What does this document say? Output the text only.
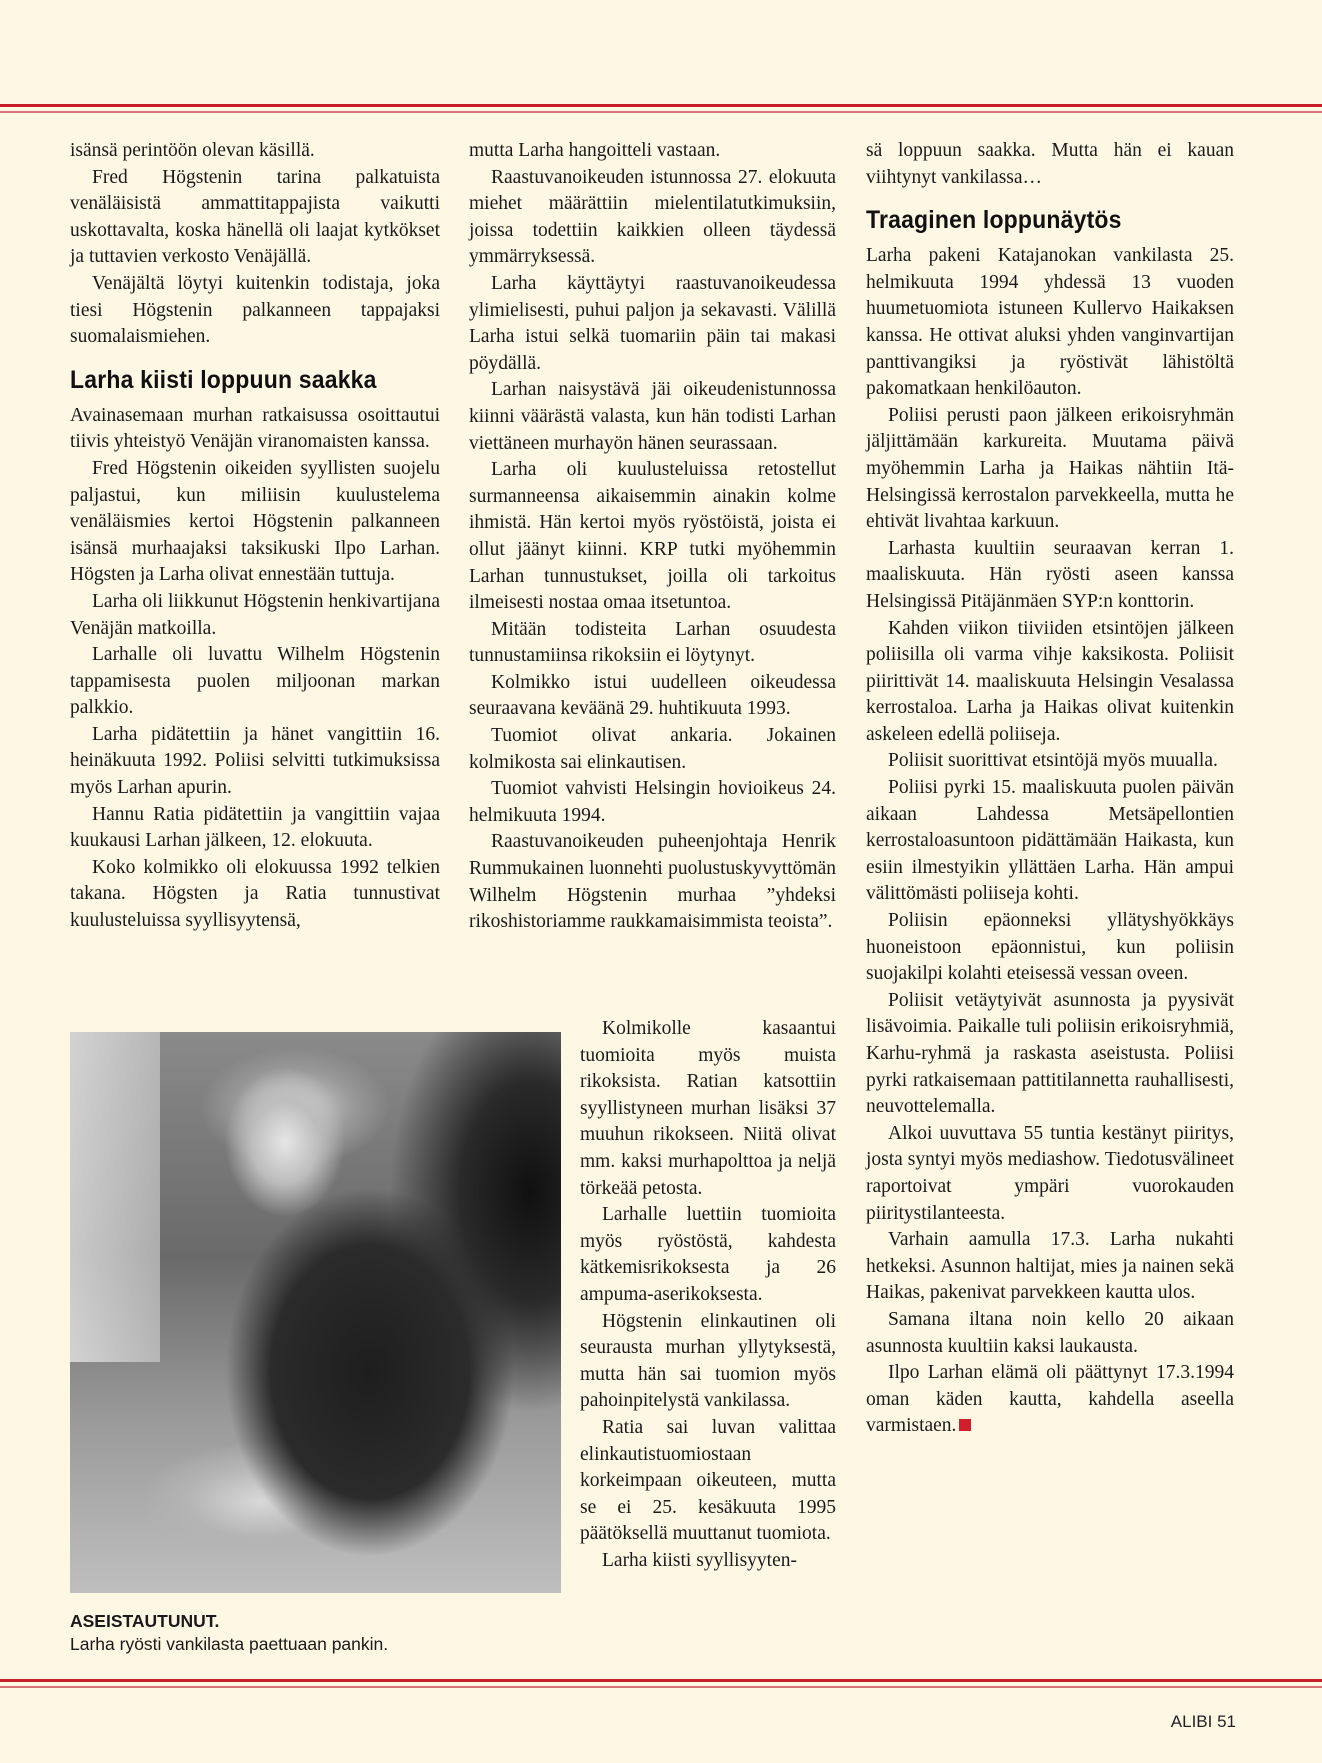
isänsä perintöön olevan käsillä.

Fred Högstenin tarina palkatuista venäläisistä ammattitappajista vaikutti uskottavalta, koska hänellä oli laajat kytkökset ja tuttavien verkosto Venäjällä.

Venäjältä löytyi kuitenkin todistaja, joka tiesi Högstenin palkanneen tappajaksi suomalaismiehen.

Larha kiisti loppuun saakka

Avainasemaan murhan ratkaisussa osoittautui tiivis yhteistyö Venäjän viranomaisten kanssa.

Fred Högstenin oikeiden syyllisten suojelu paljastui, kun miliisin kuulustelema venäläismies kertoi Högstenin palkanneen isänsä murhaajaksi taksikuski Ilpo Larhan. Högsten ja Larha olivat ennestään tuttuja.

Larha oli liikkunut Högstenin henkivartijana Venäjän matkoilla.

Larhalle oli luvattu Wilhelm Högstenin tappamisesta puolen miljoonan markan palkkio.

Larha pidätettiin ja hänet vangittiin 16. heinäkuuta 1992. Poliisi selvitti tutkimuksissa myös Larhan apurin.

Hannu Ratia pidätettiin ja vangittiin vajaa kuukausi Larhan jälkeen, 12. elokuuta.

Koko kolmikko oli elokuussa 1992 telkien takana. Högsten ja Ratia tunnustivat kuulusteluissa syyllisyytensä,

mutta Larha hangoitteli vastaan.

Raastuvanoikeuden istunnossa 27. elokuuta miehet määrättiin mielentilatutkimuksiin, joissa todettiin kaikkien olleen täydessä ymmärryksessä.

Larha käyttäytyi raastuvanoikeudessa ylimielisesti, puhui paljon ja sekavasti. Välillä Larha istui selkä tuomariin päin tai makasi pöydällä.

Larhan naisystävä jäi oikeudenistunnossa kiinni väärästä valasta, kun hän todisti Larhan viettäneen murhayön hänen seurassaan.

Larha oli kuulusteluissa retostellut surmanneensa aikaisemmin ainakin kolme ihmistä. Hän kertoi myös ryöstöistä, joista ei ollut jäänyt kiinni. KRP tutki myöhemmin Larhan tunnustukset, joilla oli tarkoitus ilmeisesti nostaa omaa itsetuntoa.

Mitään todisteita Larhan osuudesta tunnustamiinsa rikoksiin ei löytynyt.

Kolmikko istui uudelleen oikeudessa seuraavana keväänä 29. huhtikuuta 1993.

Tuomiot olivat ankaria. Jokainen kolmikosta sai elinkautisen.

Tuomiot vahvisti Helsingin hovioikeus 24. helmikuuta 1994.

Raastuvanoikeuden puheenjohtaja Henrik Rummukainen luonnehti puolustuskyvyttömän Wilhelm Högstenin murhaa ”yhdeksi rikoshistoriamme raukkamaisimmista teoista”.

Kolmikolle kasaantui tuomioita myös muista rikoksista. Ratian katsottiin syyllistyneen murhan lisäksi 37 muuhun rikokseen. Niitä olivat mm. kaksi murhapolttoa ja neljä törkeää petosta.

Larhalle luettiin tuomioita myös ryöstöstä, kahdesta kätkemisrikoksesta ja 26 ampuma-aserikoksesta.

Högstenin elinkautinen oli seurausta murhan yllytyksestä, mutta hän sai tuomion myös pahoinpitelystä vankilassa.

Ratia sai luvan valittaa elinkautistuomiostaan korkeimpaan oikeuteen, mutta se ei 25. kesäkuuta 1995 päätöksellä muuttanut tuomiota.

Larha kiisti syyllisyyten-

sä loppuun saakka. Mutta hän ei kauan viihtynyt vankilassa…

Traaginen loppunäytös

Larha pakeni Katajanokan vankilasta 25. helmikuuta 1994 yhdessä 13 vuoden huumetuomiota istuneen Kullervo Haikaksen kanssa. He ottivat aluksi yhden vanginvartijan panttivangiksi ja ryöstivät lähistöltä pakomatkaan henkilöauton.

Poliisi perusti paon jälkeen erikoisryhmän jäljittämään karkureita. Muutama päivä myöhemmin Larha ja Haikas nähtiin Itä-Helsingissä kerrostalon parvekkeella, mutta he ehtivät livahtaa karkuun.

Larhasta kuultiin seuraavan kerran 1. maaliskuuta. Hän ryösti aseen kanssa Helsingissä Pitäjänmäen SYP:n konttorin.

Kahden viikon tiiviiden etsintöjen jälkeen poliisilla oli varma vihje kaksikosta. Poliisit piirittivät 14. maaliskuuta Helsingin Vesalassa kerrostaloa. Larha ja Haikas olivat kuitenkin askeleen edellä poliiseja.

Poliisit suorittivat etsintöjä myös muualla.

Poliisi pyrki 15. maaliskuuta puolen päivän aikaan Lahdessa Metsäpellontien kerrostaloasuntoon pidättämään Haikasta, kun esiin ilmestyikin yllättäen Larha. Hän ampui välittömästi poliiseja kohti.

Poliisin epäonneksi yllätyshyökkäys huoneistoon epäonnistui, kun poliisin suojakilpi kolahti eteisessä vessan oveen.

Poliisit vetäytyivät asunnosta ja pyysivät lisävoimia. Paikalle tuli poliisin erikoisryhmiä, Karhu-ryhmä ja raskasta aseistusta. Poliisi pyrki ratkaisemaan pattitilannetta rauhallisesti, neuvottelemalla.

Alkoi uuvuttava 55 tuntia kestänyt piiritys, josta syntyi myös mediashow. Tiedotusvälineet raportoivat ympäri vuorokauden piiritystilanteesta.

Varhain aamulla 17.3. Larha nukahti hetkeksi. Asunnon haltijat, mies ja nainen sekä Haikas, pakenivat parvekkeen kautta ulos.

Samana iltana noin kello 20 aikaan asunnosta kuultiin kaksi laukausta.

Ilpo Larhan elämä oli päättynyt 17.3.1994 oman käden kautta, kahdella aseella varmistaen.

ASEISTAUTUNUT.
Larha ryösti vankilasta paettuaan pankin.
ALIBI 51
